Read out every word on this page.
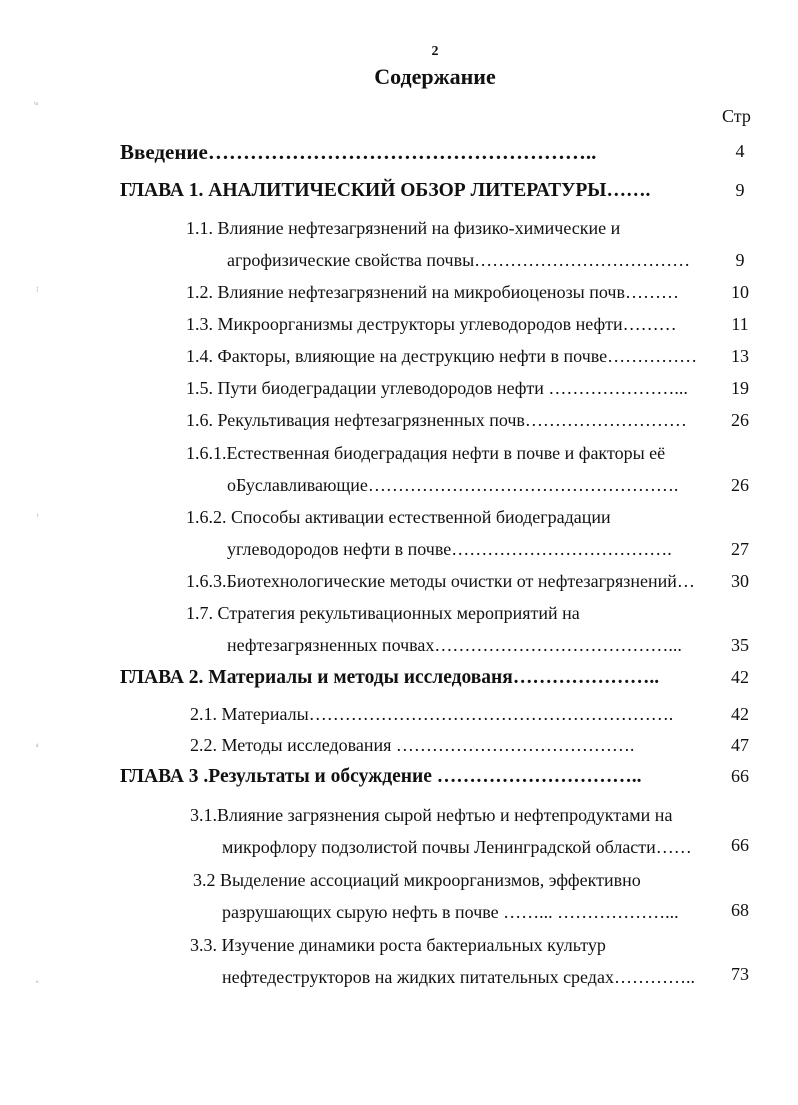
2
Содержание
Стр
Введение………………………………………………..	4
ГЛАВА 1. АНАЛИТИЧЕСКИЙ ОБЗОР ЛИТЕРАТУРЫ…….	9
1.1. Влияние нефтезагрязнений на физико-химические и
агрофизические свойства почвы………………………………	9
1.2. Влияние нефтезагрязнений на микробиоценозы почв………	10
1.3. Микроорганизмы деструкторы углеводородов нефти………	11
1.4. Факторы, влияющие на деструкцию нефти в почве……………	13
1.5. Пути биодеградации углеводородов нефти …………………...	19
1.6. Рекультивация нефтезагрязненных почв………………………	26
1.6.1.Естественная биодеградация нефти в почве и факторы её
оБуславливающие…………………………………………….	26
1.6.2. Способы активации естественной биодеградации
углеводородов нефти в почве……………………………….	27
1.6.3.Биотехнологические методы очистки от нефтезагрязнений…	30
1.7. Стратегия рекультивационных мероприятий на
нефтезагрязненных почвах…………………………………...	35
ГЛАВА 2. Материалы и методы исследованя…………………..	42
2.1. Материалы…………………………………………………….	42
2.2. Методы исследования ………………………………….	47
ГЛАВА 3 .Результаты и обсуждение …………………………..	66
3.1.Влияние загрязнения сырой нефтью и нефтепродуктами на
микрофлору подзолистой почвы Ленинградской области……	66
3.2 Выделение ассоциаций микроорганизмов, эффективно
разрушающих сырую нефть в почве ……... ………………...	68
3.3. Изучение динамики роста бактериальных культур
нефтедеструкторов на жидких питательных средах…………..	73
ⁱᵘ
⁝
ⁱ
ᵈ
ᵘ
